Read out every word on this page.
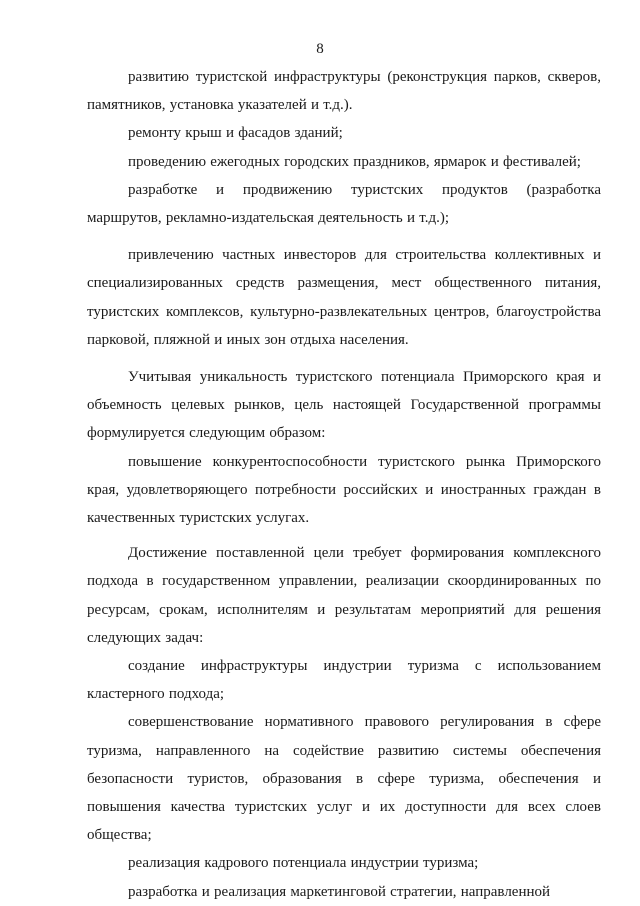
8

развитию туристской инфраструктуры (реконструкция парков, скверов, памятников, установка указателей и т.д.).

ремонту крыш и фасадов зданий;

проведению ежегодных городских праздников, ярмарок и фестивалей;

разработке и продвижению туристских продуктов (разработка маршрутов, рекламно-издательская деятельность и т.д.);

привлечению частных инвесторов для строительства коллективных и специализированных средств размещения, мест общественного питания, туристских комплексов, культурно-развлекательных центров, благоустройства парковой, пляжной и иных зон отдыха населения.

Учитывая уникальность туристского потенциала Приморского края и объемность целевых рынков, цель настоящей Государственной программы формулируется следующим образом:

повышение конкурентоспособности туристского рынка Приморского края, удовлетворяющего потребности российских и иностранных граждан в качественных туристских услугах.

Достижение поставленной цели требует формирования комплексного подхода в государственном управлении, реализации скоординированных по ресурсам, срокам, исполнителям и результатам мероприятий для решения следующих задач:

создание инфраструктуры индустрии туризма с использованием кластерного подхода;

совершенствование нормативного правового регулирования в сфере туризма, направленного на содействие развитию системы обеспечения безопасности туристов, образования в сфере туризма, обеспечения и повышения качества туристских услуг и их доступности для всех слоев общества;

реализация кадрового потенциала индустрии туризма;

разработка и реализация маркетинговой стратегии, направленной
